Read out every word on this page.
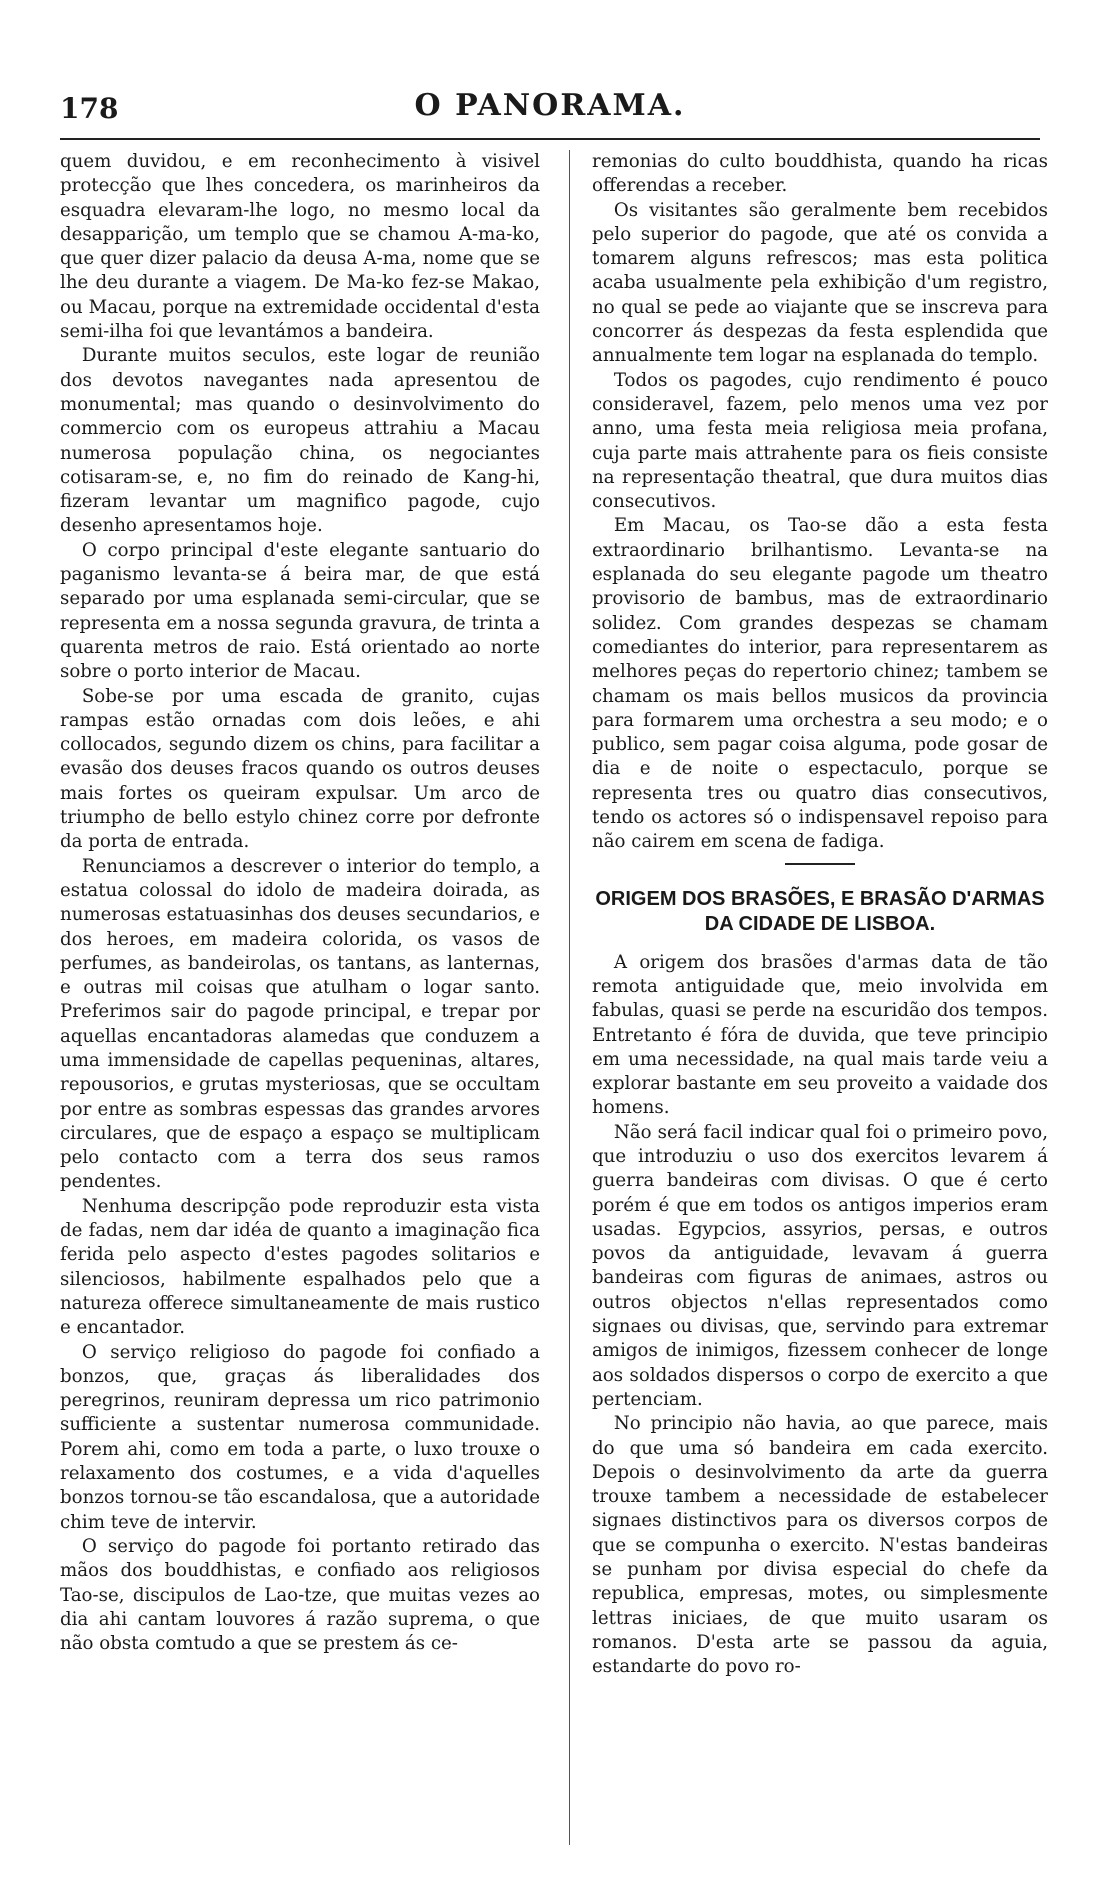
178	O PANORAMA.

quem duvidou, e em reconhecimento à visivel protecção que lhes concedera, os marinheiros da esquadra elevaram-lhe logo, no mesmo local da desapparição, um templo que se chamou A-ma-ko, que quer dizer palacio da deusa A-ma, nome que se lhe deu durante a viagem. De Ma-ko fez-se Makao, ou Macau, porque na extremidade occidental d'esta semi-ilha foi que levantámos a bandeira.

Durante muitos seculos, este logar de reunião dos devotos navegantes nada apresentou de monumental; mas quando o desinvolvimento do commercio com os europeus attrahiu a Macau numerosa população china, os negociantes cotisaram-se, e, no fim do reinado de Kang-hi, fizeram levantar um magnifico pagode, cujo desenho apresentamos hoje.

O corpo principal d'este elegante santuario do paganismo levanta-se á beira mar, de que está separado por uma esplanada semi-circular, que se representa em a nossa segunda gravura, de trinta a quarenta metros de raio. Está orientado ao norte sobre o porto interior de Macau.

Sobe-se por uma escada de granito, cujas rampas estão ornadas com dois leões, e ahi collocados, segundo dizem os chins, para facilitar a evasão dos deuses fracos quando os outros deuses mais fortes os queiram expulsar. Um arco de triumpho de bello estylo chinez corre por defronte da porta de entrada.

Renunciamos a descrever o interior do templo, a estatua colossal do idolo de madeira doirada, as numerosas estatuasinhas dos deuses secundarios, e dos heroes, em madeira colorida, os vasos de perfumes, as bandeirolas, os tantans, as lanternas, e outras mil coisas que atulham o logar santo. Preferimos sair do pagode principal, e trepar por aquellas encantadoras alamedas que conduzem a uma immensidade de capellas pequeninas, altares, repousorios, e grutas mysteriosas, que se occultam por entre as sombras espessas das grandes arvores circulares, que de espaço a espaço se multiplicam pelo contacto com a terra dos seus ramos pendentes.

Nenhuma descripção pode reproduzir esta vista de fadas, nem dar idéa de quanto a imaginação fica ferida pelo aspecto d'estes pagodes solitarios e silenciosos, habilmente espalhados pelo que a natureza offerece simultaneamente de mais rustico e encantador.

O serviço religioso do pagode foi confiado a bonzos, que, graças ás liberalidades dos peregrinos, reuniram depressa um rico patrimonio sufficiente a sustentar numerosa communidade. Porem ahi, como em toda a parte, o luxo trouxe o relaxamento dos costumes, e a vida d'aquelles bonzos tornou-se tão escandalosa, que a autoridade chim teve de intervir.

O serviço do pagode foi portanto retirado das mãos dos bouddhistas, e confiado aos religiosos Tao-se, discipulos de Lao-tze, que muitas vezes ao dia ahi cantam louvores á razão suprema, o que não obsta comtudo a que se prestem ás ce-

remonias do culto bouddhista, quando ha ricas offerendas a receber.

Os visitantes são geralmente bem recebidos pelo superior do pagode, que até os convida a tomarem alguns refrescos; mas esta politica acaba usualmente pela exhibição d'um registro, no qual se pede ao viajante que se inscreva para concorrer ás despezas da festa esplendida que annualmente tem logar na esplanada do templo.

Todos os pagodes, cujo rendimento é pouco consideravel, fazem, pelo menos uma vez por anno, uma festa meia religiosa meia profana, cuja parte mais attrahente para os fieis consiste na representação theatral, que dura muitos dias consecutivos.

Em Macau, os Tao-se dão a esta festa extraordinario brilhantismo. Levanta-se na esplanada do seu elegante pagode um theatro provisorio de bambus, mas de extraordinario solidez. Com grandes despezas se chamam comediantes do interior, para representarem as melhores peças do repertorio chinez; tambem se chamam os mais bellos musicos da provincia para formarem uma orchestra a seu modo; e o publico, sem pagar coisa alguma, pode gosar de dia e de noite o espectaculo, porque se representa tres ou quatro dias consecutivos, tendo os actores só o indispensavel repoiso para não cairem em scena de fadiga.

ORIGEM DOS BRASÕES, E BRASÃO D'ARMAS DA CIDADE DE LISBOA.

A origem dos brasões d'armas data de tão remota antiguidade que, meio involvida em fabulas, quasi se perde na escuridão dos tempos. Entretanto é fóra de duvida, que teve principio em uma necessidade, na qual mais tarde veiu a explorar bastante em seu proveito a vaidade dos homens.

Não será facil indicar qual foi o primeiro povo, que introduziu o uso dos exercitos levarem á guerra bandeiras com divisas. O que é certo porém é que em todos os antigos imperios eram usadas. Egypcios, assyrios, persas, e outros povos da antiguidade, levavam á guerra bandeiras com figuras de animaes, astros ou outros objectos n'ellas representados como signaes ou divisas, que, servindo para extremar amigos de inimigos, fizessem conhecer de longe aos soldados dispersos o corpo de exercito a que pertenciam.

No principio não havia, ao que parece, mais do que uma só bandeira em cada exercito. Depois o desinvolvimento da arte da guerra trouxe tambem a necessidade de estabelecer signaes distinctivos para os diversos corpos de que se compunha o exercito. N'estas bandeiras se punham por divisa especial do chefe da republica, empresas, motes, ou simplesmente lettras iniciaes, de que muito usaram os romanos. D'esta arte se passou da aguia, estandarte do povo ro-
